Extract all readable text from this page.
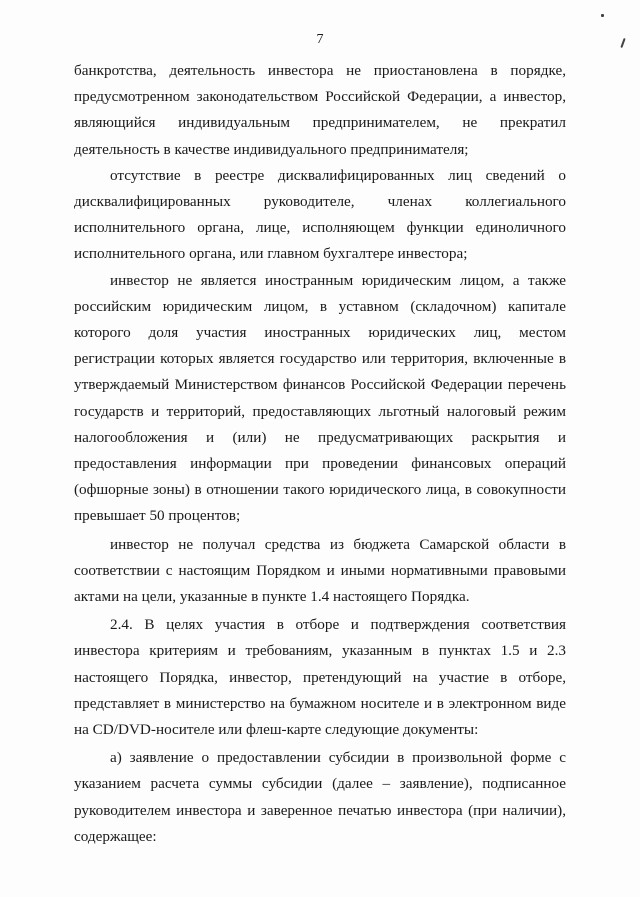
7

банкротства, деятельность инвестора не приостановлена в порядке, предусмотренном законодательством Российской Федерации, а инвестор, являющийся индивидуальным предпринимателем, не прекратил деятельность в качестве индивидуального предпринимателя;

отсутствие в реестре дисквалифицированных лиц сведений о дисквалифицированных руководителе, членах коллегиального исполнительного органа, лице, исполняющем функции единоличного исполнительного органа, или главном бухгалтере инвестора;

инвестор не является иностранным юридическим лицом, а также российским юридическим лицом, в уставном (складочном) капитале которого доля участия иностранных юридических лиц, местом регистрации которых является государство или территория, включенные в утверждаемый Министерством финансов Российской Федерации перечень государств и территорий, предоставляющих льготный налоговый режим налогообложения и (или) не предусматривающих раскрытия и предоставления информации при проведении финансовых операций (офшорные зоны) в отношении такого юридического лица, в совокупности превышает 50 процентов;

инвестор не получал средства из бюджета Самарской области в соответствии с настоящим Порядком и иными нормативными правовыми актами на цели, указанные в пункте 1.4 настоящего Порядка.

2.4. В целях участия в отборе и подтверждения соответствия инвестора критериям и требованиям, указанным в пунктах 1.5 и 2.3 настоящего Порядка, инвестор, претендующий на участие в отборе, представляет в министерство на бумажном носителе и в электронном виде на CD/DVD-носителе или флеш-карте следующие документы:

а) заявление о предоставлении субсидии в произвольной форме с указанием расчета суммы субсидии (далее – заявление), подписанное руководителем инвестора и заверенное печатью инвестора (при наличии), содержащее:
